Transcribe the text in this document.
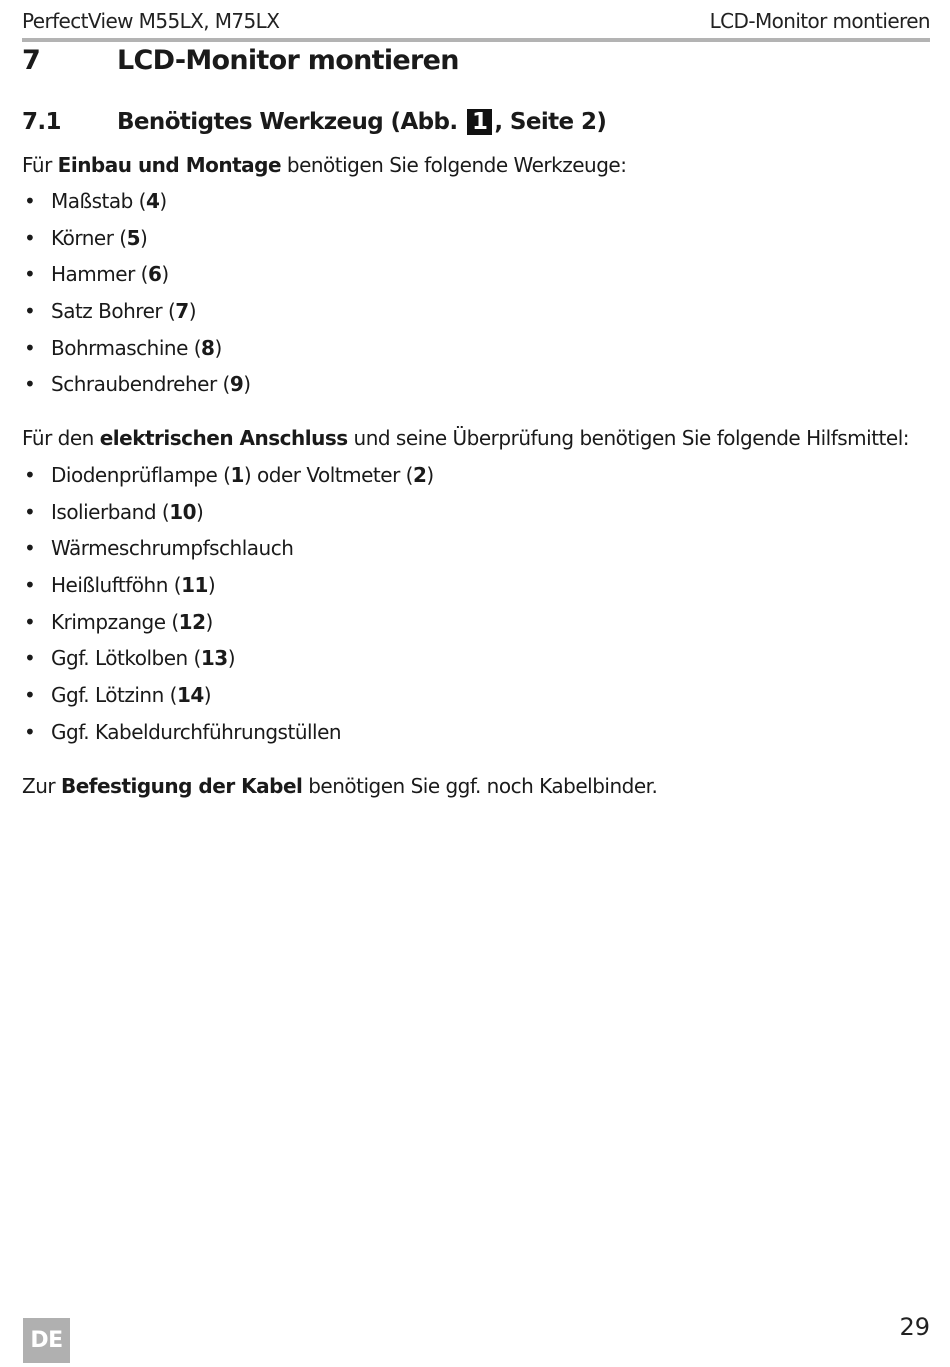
PerfectView M55LX, M75LX	LCD-Monitor montieren
7	LCD-Monitor montieren
7.1 Benötigtes Werkzeug (Abb. 1 , Seite 2)
Für Einbau und Montage benötigen Sie folgende Werkzeuge:
• Maßstab (4)
• Körner (5)
• Hammer (6)
• Satz Bohrer (7)
• Bohrmaschine (8)
• Schraubendreher (9)
Für den elektrischen Anschluss und seine Überprüfung benötigen Sie folgende Hilfsmittel:
• Diodenprüflampe (1) oder Voltmeter (2)
• Isolierband (10)
• Wärmeschrumpfschlauch
• Heißluftföhn (11)
• Krimpzange (12)
• Ggf. Lötkolben (13)
• Ggf. Lötzinn (14)
• Ggf. Kabeldurchführungstüllen
Zur Befestigung der Kabel benötigen Sie ggf. noch Kabelbinder.
DE	29
